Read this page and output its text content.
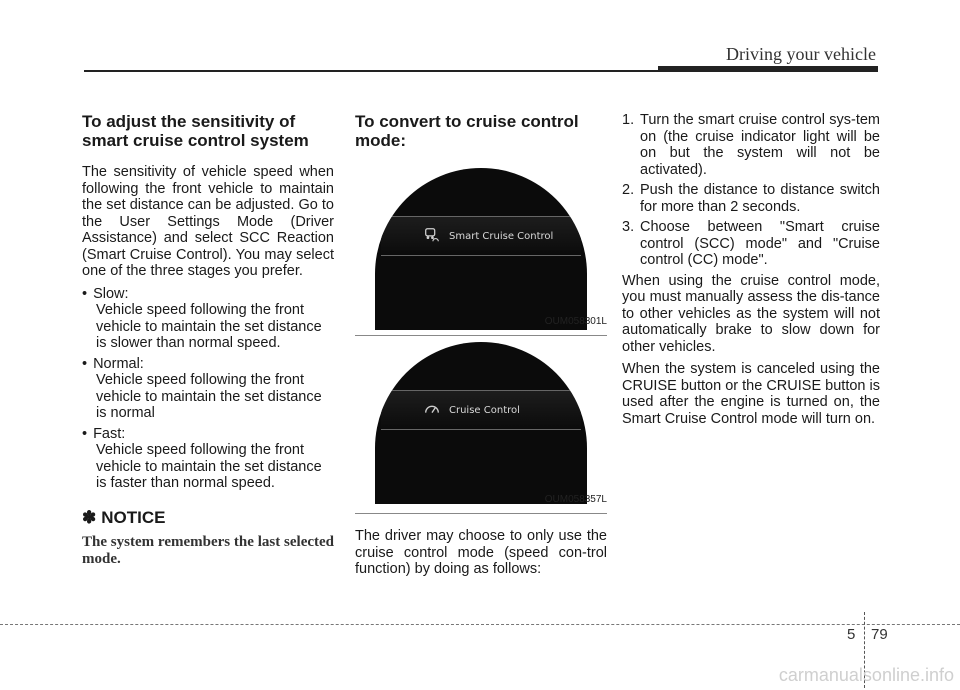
Driving your vehicle
To adjust the sensitivity of smart cruise control system

The sensitivity of vehicle speed when following the front vehicle to maintain the set distance can be adjusted. Go to the User Settings Mode (Driver Assistance) and select SCC Reaction (Smart Cruise Control). You may select one of the three stages you prefer.

• Slow:
Vehicle speed following the front vehicle to maintain the set distance is slower than normal speed.
• Normal:
Vehicle speed following the front vehicle to maintain the set distance is normal
• Fast:
Vehicle speed following the front vehicle to maintain the set distance is faster than normal speed.
✽ NOTICE
The system remembers the last selected mode.
To convert to cruise control mode:
Smart Cruise Control
OUM058301L
Cruise Control
OUM058357L

The driver may choose to only use the cruise control mode (speed con-trol function) by doing as follows:

1. Turn the smart cruise control sys-tem on (the cruise indicator light will be on but the system will not be activated).
2. Push the distance to distance switch for more than 2 seconds.
3. Choose between "Smart cruise control (SCC) mode" and "Cruise control (CC) mode".

When using the cruise control mode, you must manually assess the dis-tance to other vehicles as the system will not automatically brake to slow down for other vehicles.

When the system is canceled using the CRUISE button or the CRUISE button is used after the engine is turned on, the Smart Cruise Control mode will turn on.

5 79
carmanualsonline.info
